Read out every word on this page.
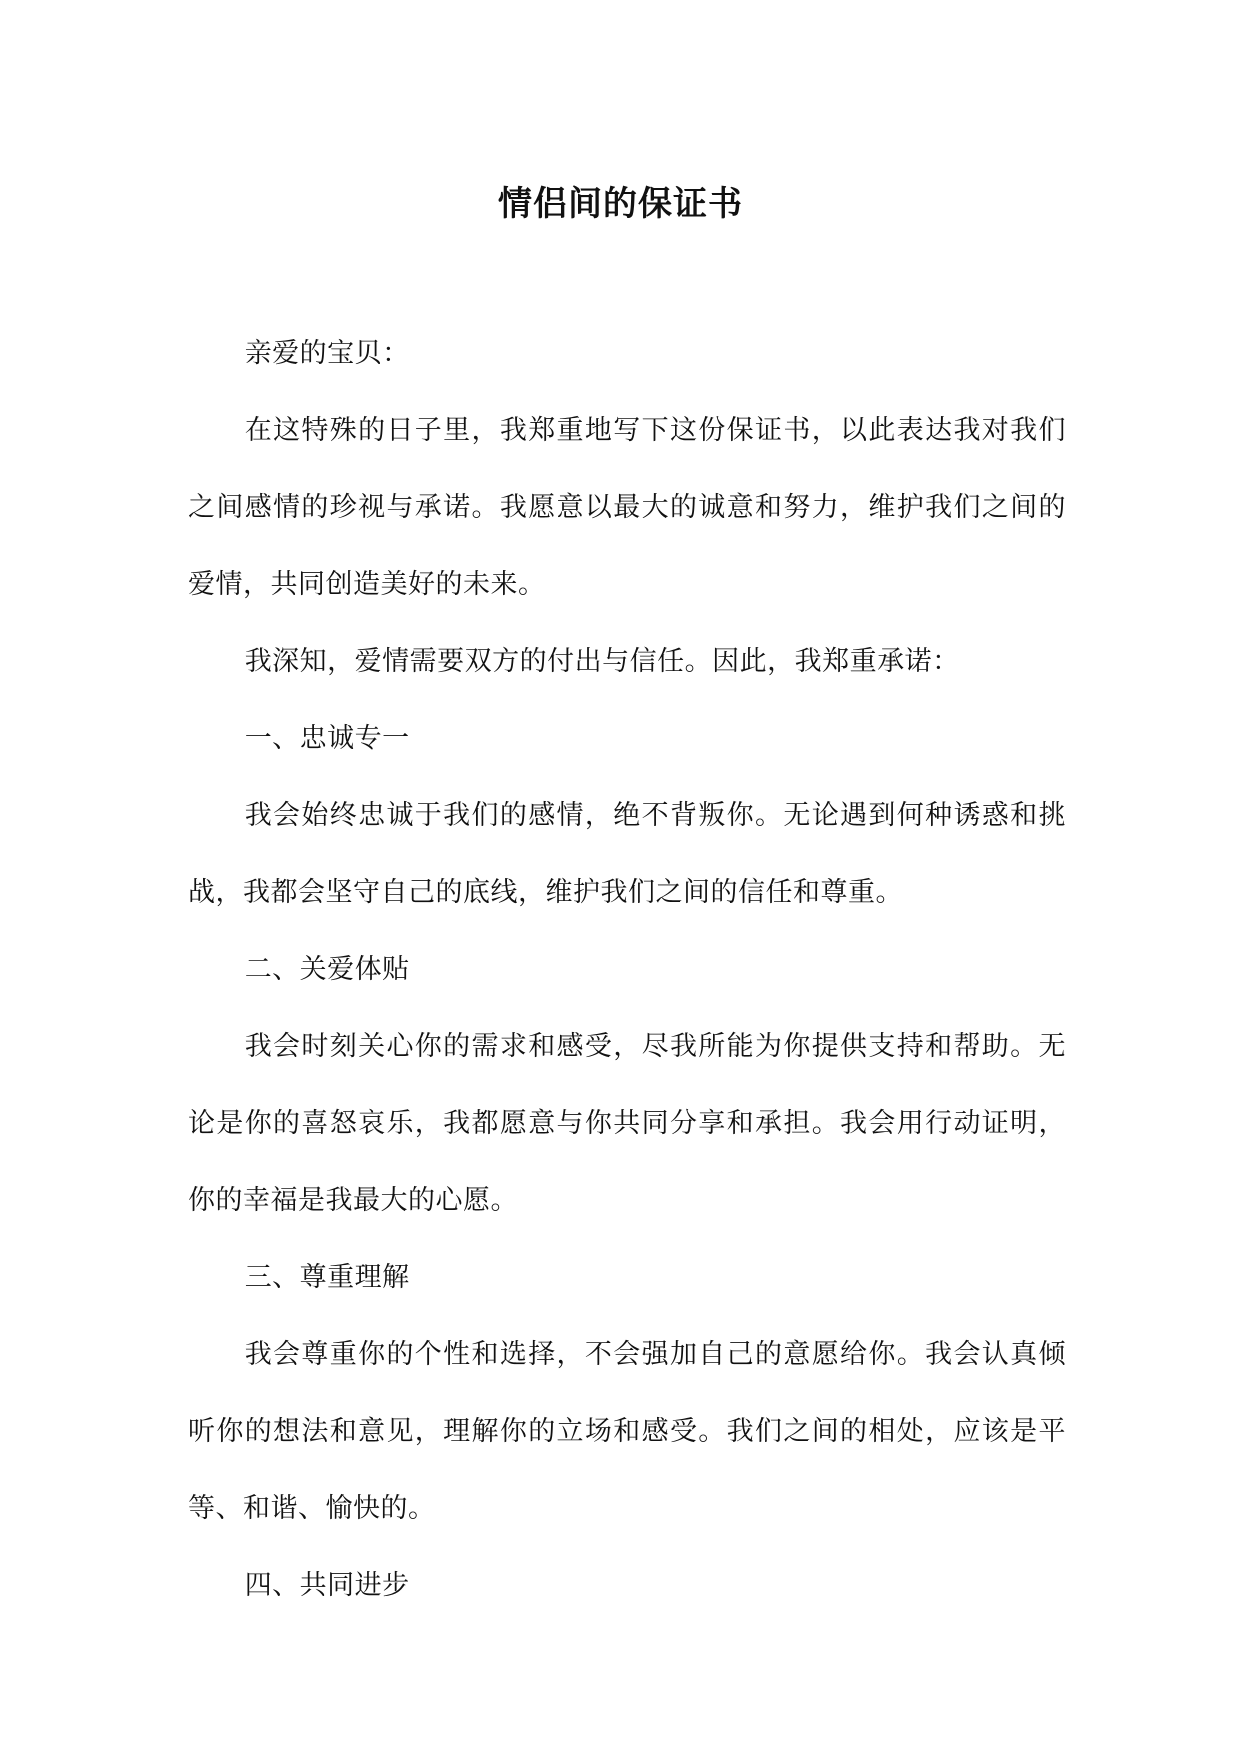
情侣间的保证书

亲爱的宝贝：

在这特殊的日子里，我郑重地写下这份保证书，以此表达我对我们之间感情的珍视与承诺。我愿意以最大的诚意和努力，维护我们之间的爱情，共同创造美好的未来。

我深知，爱情需要双方的付出与信任。因此，我郑重承诺：

一、忠诚专一

我会始终忠诚于我们的感情，绝不背叛你。无论遇到何种诱惑和挑战，我都会坚守自己的底线，维护我们之间的信任和尊重。

二、关爱体贴

我会时刻关心你的需求和感受，尽我所能为你提供支持和帮助。无论是你的喜怒哀乐，我都愿意与你共同分享和承担。我会用行动证明，你的幸福是我最大的心愿。

三、尊重理解

我会尊重你的个性和选择，不会强加自己的意愿给你。我会认真倾听你的想法和意见，理解你的立场和感受。我们之间的相处，应该是平等、和谐、愉快的。

四、共同进步
